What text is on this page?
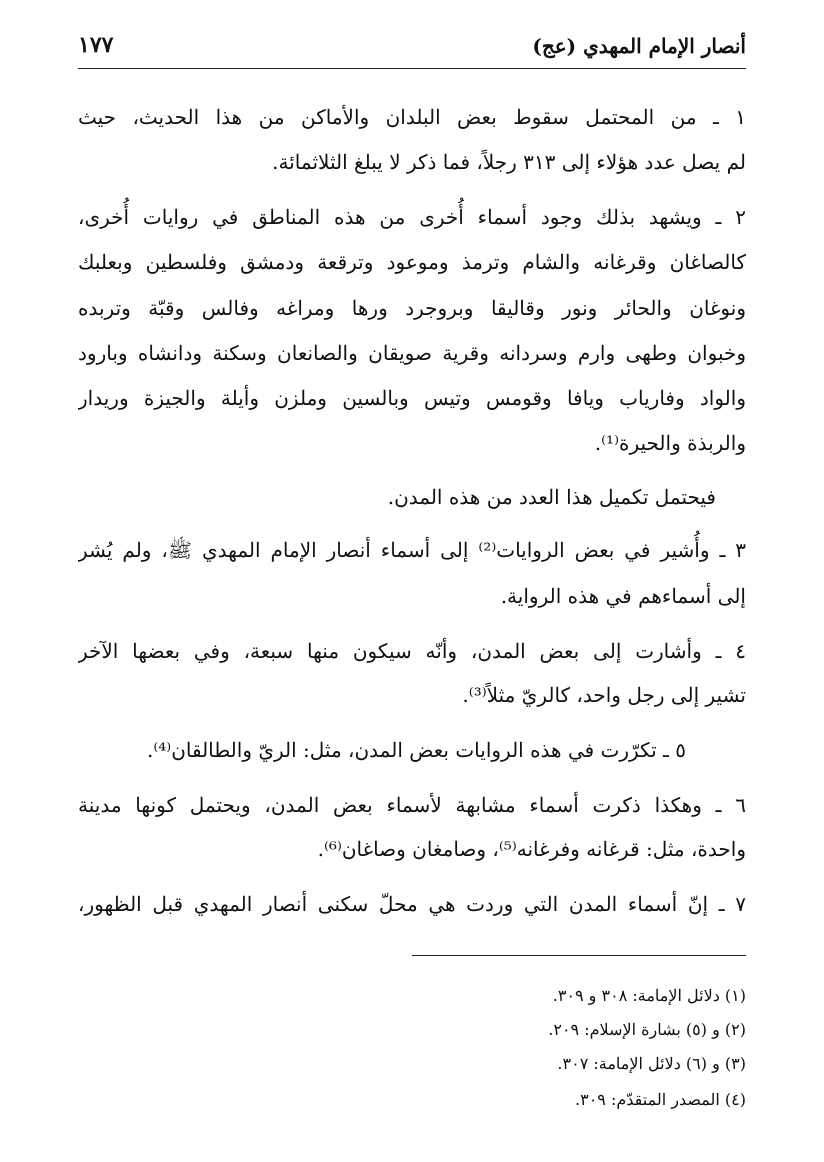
أنصار الإمام المهدي (عج)
١٧٧
١ ـ من المحتمل سقوط بعض البلدان والأماكن من هذا الحديث، حيث
لم يصل عدد هؤلاء إلى ٣١٣ رجلاً، فما ذكر لا يبلغ الثلاثمائة.
٢ ـ ويشهد بذلك وجود أسماء أُخرى من هذه المناطق في روايات أُخرى،
كالصاغان وقرغانه والشام وترمذ وموعود وترقعة ودمشق وفلسطين وبعلبك
ونوغان والحائر ونور وقاليقا وبروجرد ورها ومراغه وفالس وقبّة وتربده
وخبوان وطهى وارم وسردانه وقرية صويقان والصانعان وسكنة ودانشاه وبارود
والواد وفارياب ويافا وقومس وتيس وبالسين وملزن وأيلة والجيزة وريدار
والربذة والحيرة⁽¹⁾.
فيحتمل تكميل هذا العدد من هذه المدن.
٣ ـ وأُشير في بعض الروايات⁽²⁾ إلى أسماء أنصار الإمام المهدي ﷺ، ولم يُشر
إلى أسماءهم في هذه الرواية.
٤ ـ وأشارت إلى بعض المدن، وأنّه سيكون منها سبعة، وفي بعضها الآخر
تشير إلى رجل واحد، كالريّ مثلاً⁽³⁾.
٥ ـ تكرّرت في هذه الروايات بعض المدن، مثل: الريّ والطالقان⁽⁴⁾.
٦ ـ وهكذا ذكرت أسماء مشابهة لأسماء بعض المدن، ويحتمل كونها مدينة
واحدة، مثل: قرغانه وفرغانه⁽⁵⁾، وصامغان وصاغان⁽⁶⁾.
٧ ـ إنّ أسماء المدن التي وردت هي محلّ سكنى أنصار المهدي قبل الظهور،
(١) دلائل الإمامة: ٣٠٨ و ٣٠٩.
(٢) و (٥) بشارة الإسلام: ٢٠٩.
(٣) و (٦) دلائل الإمامة: ٣٠٧.
(٤) المصدر المتقدّم: ٣٠٩.
